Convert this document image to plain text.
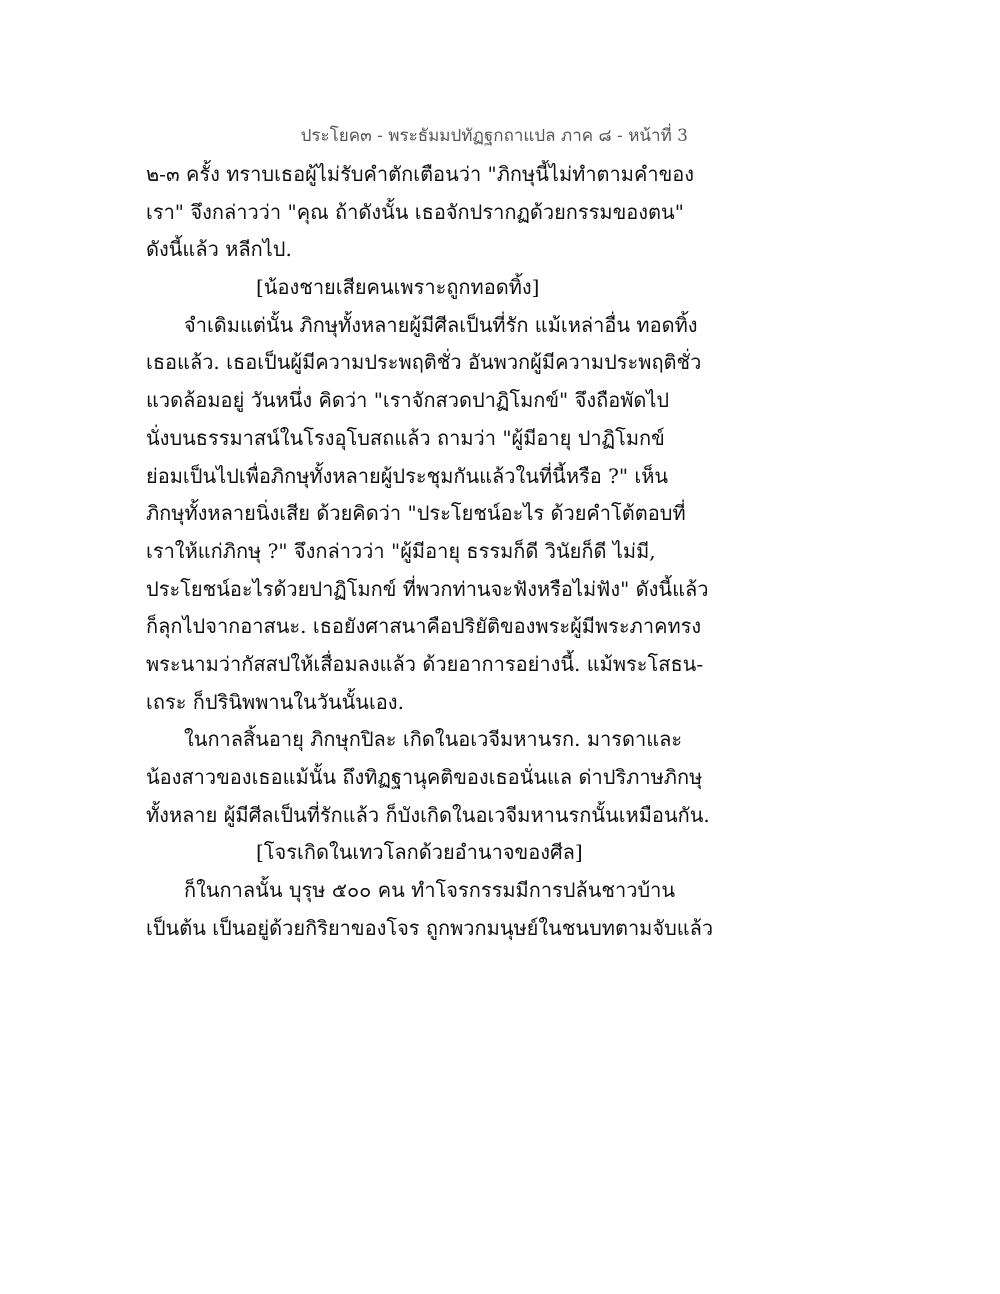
ประโยค๓ - พระธัมมปทัฏฐกถาแปล ภาค ๘ - หน้าที่ 3
๒-๓ ครั้ง ทราบเธอผู้ไม่รับคำตักเตือนว่า "ภิกษุนี้ไม่ทำตามคำของ
เรา" จึงกล่าวว่า "คุณ ถ้าดังนั้น เธอจักปรากฏด้วยกรรมของตน"
ดังนี้แล้ว หลีกไป.
[น้องชายเสียคนเพราะถูกทอดทิ้ง]
จำเดิมแต่นั้น ภิกษุทั้งหลายผู้มีศีลเป็นที่รัก แม้เหล่าอื่น ทอดทิ้ง
เธอแล้ว. เธอเป็นผู้มีความประพฤติชั่ว อันพวกผู้มีความประพฤติชั่ว
แวดล้อมอยู่ วันหนึ่ง คิดว่า "เราจักสวดปาฏิโมกข์" จึงถือพัดไป
นั่งบนธรรมาสน์ในโรงอุโบสถแล้ว ถามว่า "ผู้มีอายุ ปาฏิโมกข์
ย่อมเป็นไปเพื่อภิกษุทั้งหลายผู้ประชุมกันแล้วในที่นี้หรือ ?" เห็น
ภิกษุทั้งหลายนิ่งเสีย ด้วยคิดว่า "ประโยชน์อะไร ด้วยคำโต้ตอบที่
เราให้แก่ภิกษุ ?" จึงกล่าวว่า "ผู้มีอายุ ธรรมก็ดี วินัยก็ดี ไม่มี,
ประโยชน์อะไรด้วยปาฏิโมกข์ ที่พวกท่านจะฟังหรือไม่ฟัง" ดังนี้แล้ว
ก็ลุกไปจากอาสนะ. เธอยังศาสนาคือปริยัติของพระผู้มีพระภาคทรง
พระนามว่ากัสสปให้เสื่อมลงแล้ว ด้วยอาการอย่างนี้. แม้พระโสธน-
เถระ ก็ปรินิพพานในวันนั้นเอง.
ในกาลสิ้นอายุ ภิกษุกปิละ เกิดในอเวจีมหานรก. มารดาและ
น้องสาวของเธอแม้นั้น ถึงทิฏฐานุคติของเธอนั่นแล ด่าปริภาษภิกษุ
ทั้งหลาย ผู้มีศีลเป็นที่รักแล้ว ก็บังเกิดในอเวจีมหานรกนั้นเหมือนกัน.
[โจรเกิดในเทวโลกด้วยอำนาจของศีล]
ก็ในกาลนั้น บุรุษ ๕๐๐ คน ทำโจรกรรมมีการปล้นชาวบ้าน
เป็นต้น เป็นอยู่ด้วยกิริยาของโจร ถูกพวกมนุษย์ในชนบทตามจับแล้ว
